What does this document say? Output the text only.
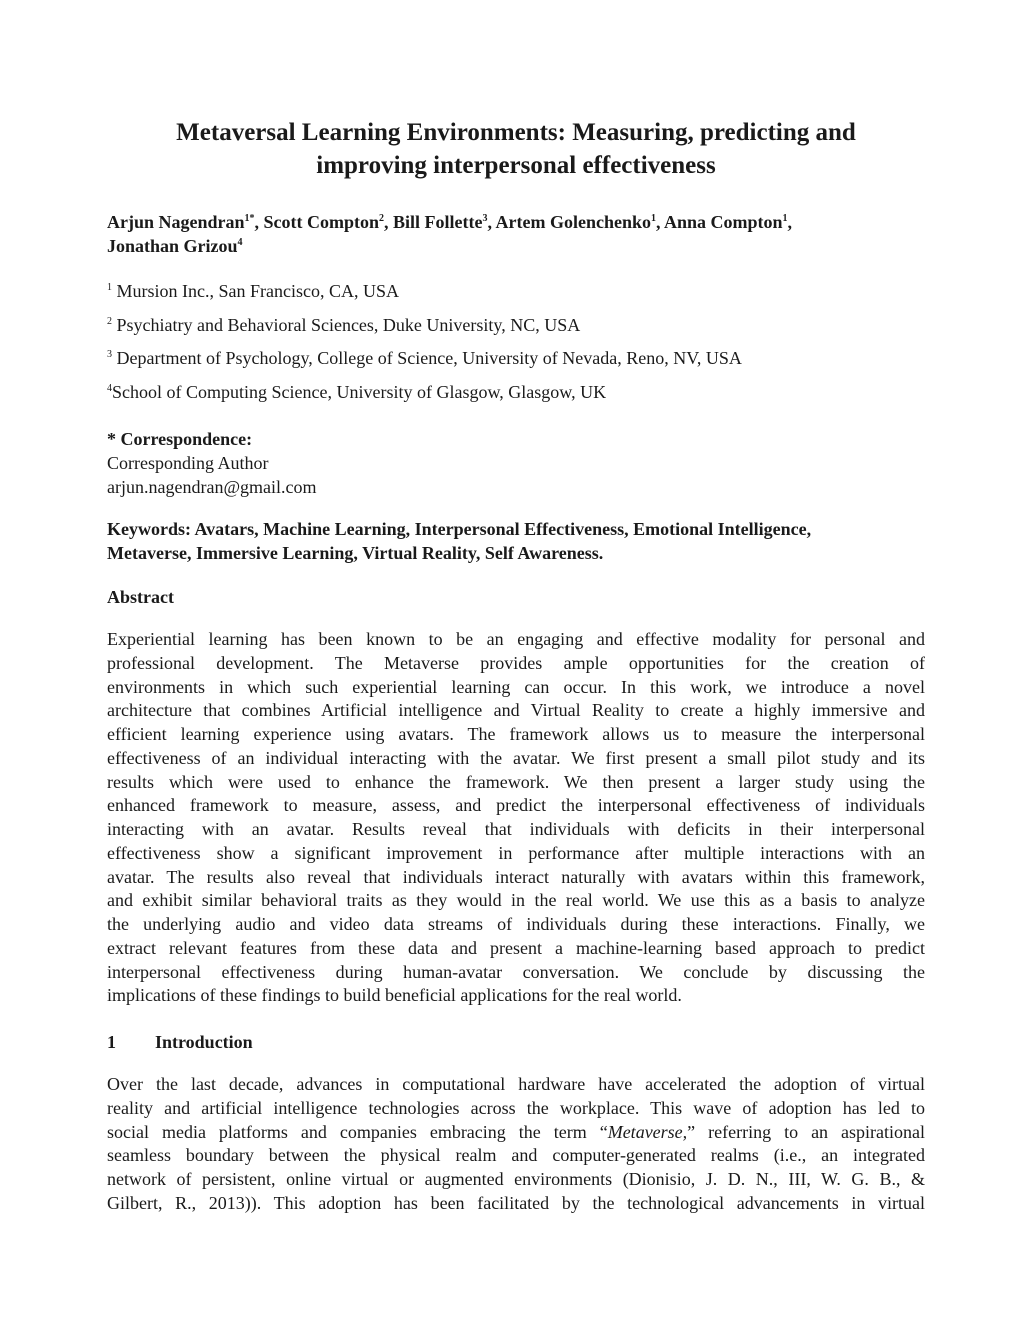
Metaversal Learning Environments: Measuring, predicting and
improving interpersonal effectiveness

Arjun Nagendran$^{1*}$, Scott Compton$^2$, Bill Follette$^3$, Artem Golenchenko$^1$, Anna Compton$^1$,
Jonathan Grizou$^4$

$^1$ Mursion Inc., San Francisco, CA, USA

$^2$ Psychiatry and Behavioral Sciences, Duke University, NC, USA

$^3$ Department of Psychology, College of Science, University of Nevada, Reno, NV, USA

$^4$School of Computing Science, University of Glasgow, Glasgow, UK

* Correspondence:
Corresponding Author
arjun.nagendran@gmail.com

Keywords: Avatars, Machine Learning, Interpersonal Effectiveness, Emotional Intelligence,
Metaverse, Immersive Learning, Virtual Reality, Self Awareness.

Abstract

Experiential learning has been known to be an engaging and effective modality for personal and
professional development. The Metaverse provides ample opportunities for the creation of
environments in which such experiential learning can occur. In this work, we introduce a novel
architecture that combines Artificial intelligence and Virtual Reality to create a highly immersive and
efficient learning experience using avatars. The framework allows us to measure the interpersonal
effectiveness of an individual interacting with the avatar. We first present a small pilot study and its
results which were used to enhance the framework. We then present a larger study using the
enhanced framework to measure, assess, and predict the interpersonal effectiveness of individuals
interacting with an avatar. Results reveal that individuals with deficits in their interpersonal
effectiveness show a significant improvement in performance after multiple interactions with an
avatar. The results also reveal that individuals interact naturally with avatars within this framework,
and exhibit similar behavioral traits as they would in the real world. We use this as a basis to analyze
the underlying audio and video data streams of individuals during these interactions. Finally, we
extract relevant features from these data and present a machine-learning based approach to predict
interpersonal effectiveness during human-avatar conversation. We conclude by discussing the
implications of these findings to build beneficial applications for the real world.

1 Introduction

Over the last decade, advances in computational hardware have accelerated the adoption of virtual
reality and artificial intelligence technologies across the workplace. This wave of adoption has led to
social media platforms and companies embracing the term “Metaverse,” referring to an aspirational
seamless boundary between the physical realm and computer-generated realms (i.e., an integrated
network of persistent, online virtual or augmented environments (Dionisio, J. D. N., III, W. G. B., &
Gilbert, R., 2013)). This adoption has been facilitated by the technological advancements in virtual
